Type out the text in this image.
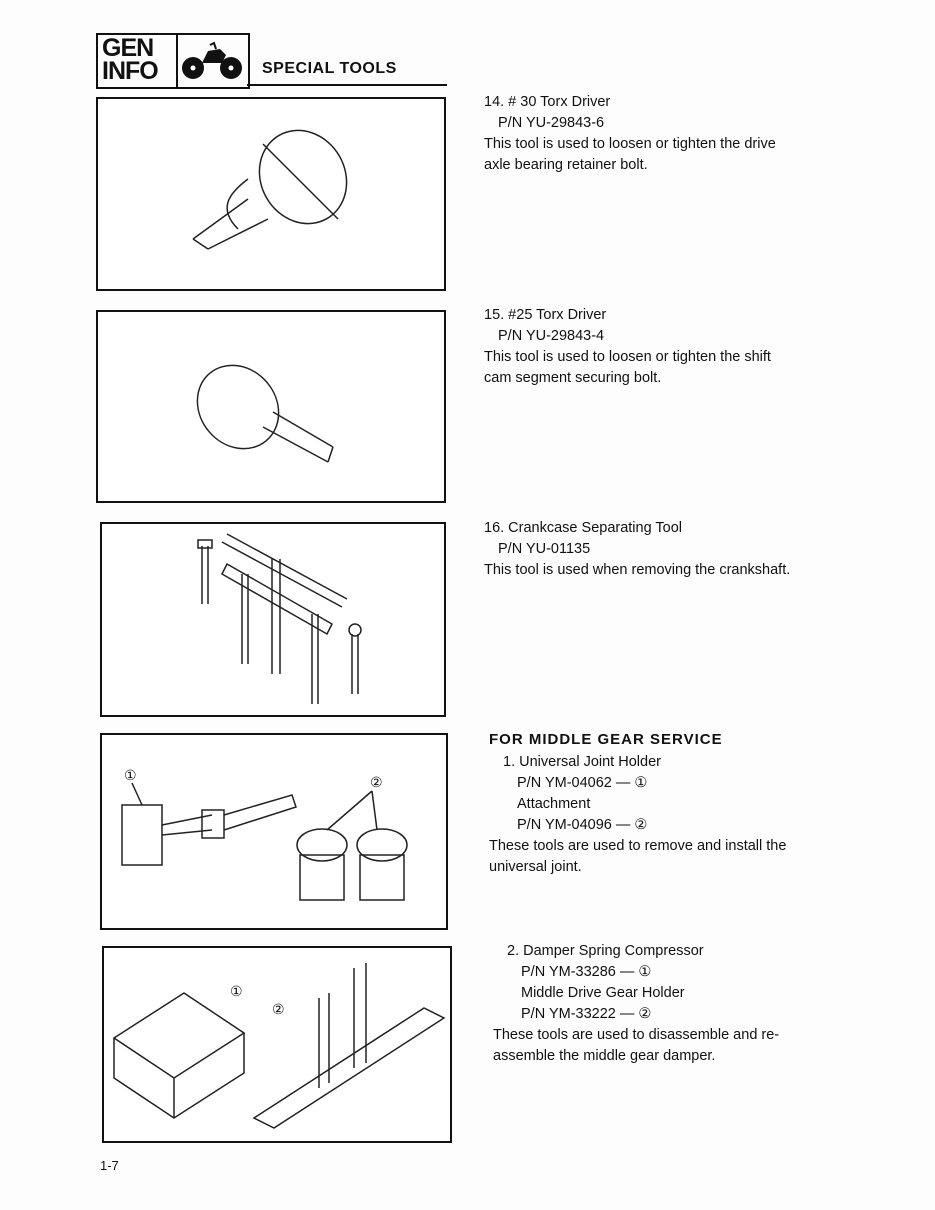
GEN
INFO	SPECIAL TOOLS
14. # 30 Torx Driver
P/N YU-29843-6
This tool is used to loosen or tighten the drive
axle bearing retainer bolt.
15. #25 Torx Driver
P/N YU-29843-4
This tool is used to loosen or tighten the shift
cam segment securing bolt.
16. Crankcase Separating Tool
P/N YU-01135
This tool is used when removing the crankshaft.
①	②
FOR MIDDLE GEAR SERVICE
1. Universal Joint Holder
P/N YM-04062 — ①
Attachment
P/N YM-04096 — ②
These tools are used to remove and install the
universal joint.
①
②
2. Damper Spring Compressor
P/N YM-33286 — ①
Middle Drive Gear Holder
P/N YM-33222 — ②
These tools are used to disassemble and re-
assemble the middle gear damper.
1-7
